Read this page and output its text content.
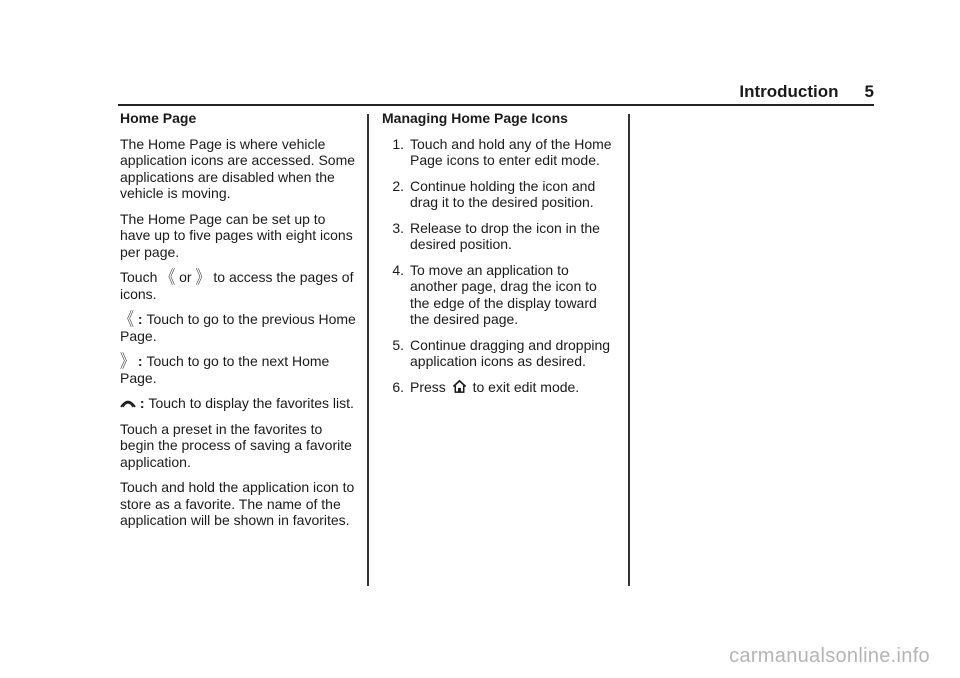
Introduction 5
Home Page

The Home Page is where vehicle application icons are accessed. Some applications are disabled when the vehicle is moving.

The Home Page can be set up to have up to five pages with eight icons per page.

Touch 《 or 》 to access the pages of icons.

《 : Touch to go to the previous Home Page.

》 : Touch to go to the next Home Page.

: Touch to display the favorites list.

Touch a preset in the favorites to begin the process of saving a favorite application.

Touch and hold the application icon to store as a favorite. The name of the application will be shown in favorites.

Managing Home Page Icons
1. Touch and hold any of the Home Page icons to enter edit mode.
2. Continue holding the icon and drag it to the desired position.
3. Release to drop the icon in the desired position.
4. To move an application to another page, drag the icon to the edge of the display toward the desired page.
5. Continue dragging and dropping application icons as desired.
6. Press to exit edit mode.
carmanualsonline.info
